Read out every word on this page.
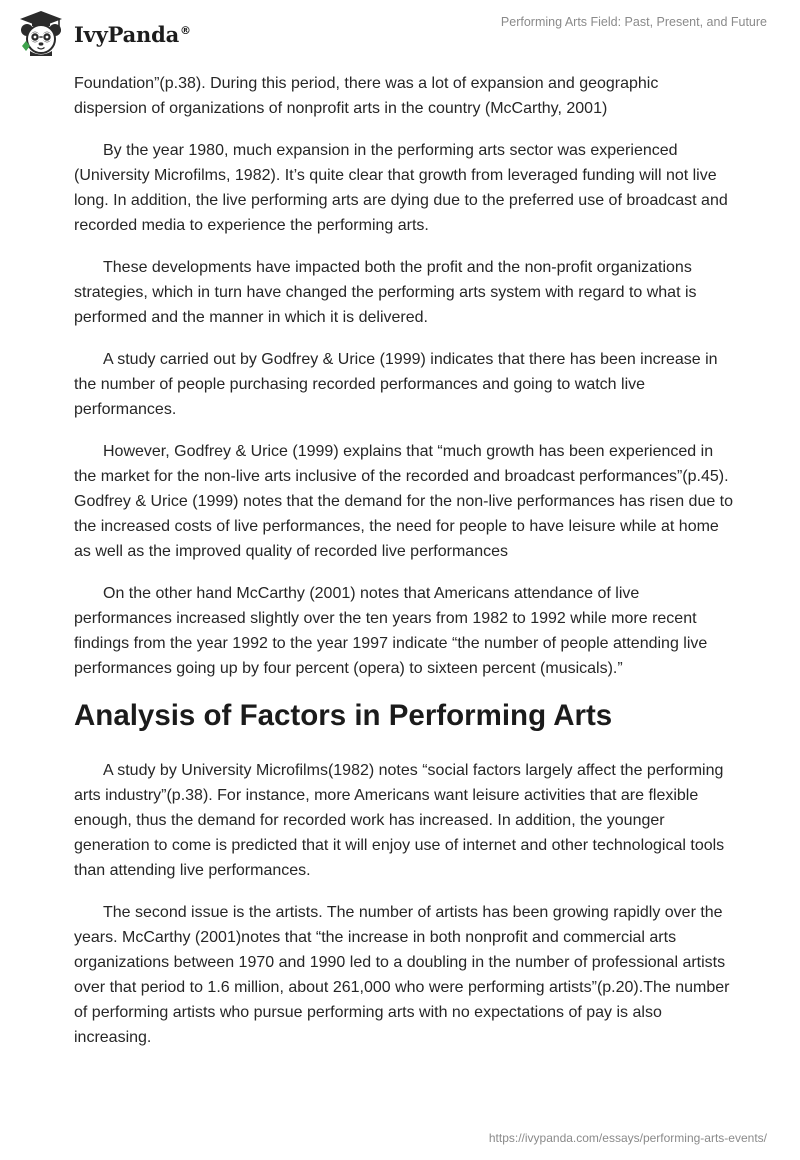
IvyPanda®
Performing Arts Field: Past, Present, and Future

Foundation”(p.38). During this period, there was a lot of expansion and geographic dispersion of organizations of nonprofit arts in the country (McCarthy, 2001)

By the year 1980, much expansion in the performing arts sector was experienced (University Microfilms, 1982). It’s quite clear that growth from leveraged funding will not live long. In addition, the live performing arts are dying due to the preferred use of broadcast and recorded media to experience the performing arts.

These developments have impacted both the profit and the non-profit organizations strategies, which in turn have changed the performing arts system with regard to what is performed and the manner in which it is delivered.

A study carried out by Godfrey & Urice (1999) indicates that there has been increase in the number of people purchasing recorded performances and going to watch live performances.

However, Godfrey & Urice (1999) explains that “much growth has been experienced in the market for the non-live arts inclusive of the recorded and broadcast performances”(p.45). Godfrey & Urice (1999) notes that the demand for the non-live performances has risen due to the increased costs of live performances, the need for people to have leisure while at home as well as the improved quality of recorded live performances

On the other hand McCarthy (2001) notes that Americans attendance of live performances increased slightly over the ten years from 1982 to 1992 while more recent findings from the year 1992 to the year 1997 indicate “the number of people attending live performances going up by four percent (opera) to sixteen percent (musicals).”

Analysis of Factors in Performing Arts

A study by University Microfilms(1982) notes “social factors largely affect the performing arts industry”(p.38). For instance, more Americans want leisure activities that are flexible enough, thus the demand for recorded work has increased. In addition, the younger generation to come is predicted that it will enjoy use of internet and other technological tools than attending live performances.

The second issue is the artists. The number of artists has been growing rapidly over the years. McCarthy (2001)notes that “the increase in both nonprofit and commercial arts organizations between 1970 and 1990 led to a doubling in the number of professional artists over that period to 1.6 million, about 261,000 who were performing artists”(p.20).The number of performing artists who pursue performing arts with no expectations of pay is also increasing.

https://ivypanda.com/essays/performing-arts-events/
